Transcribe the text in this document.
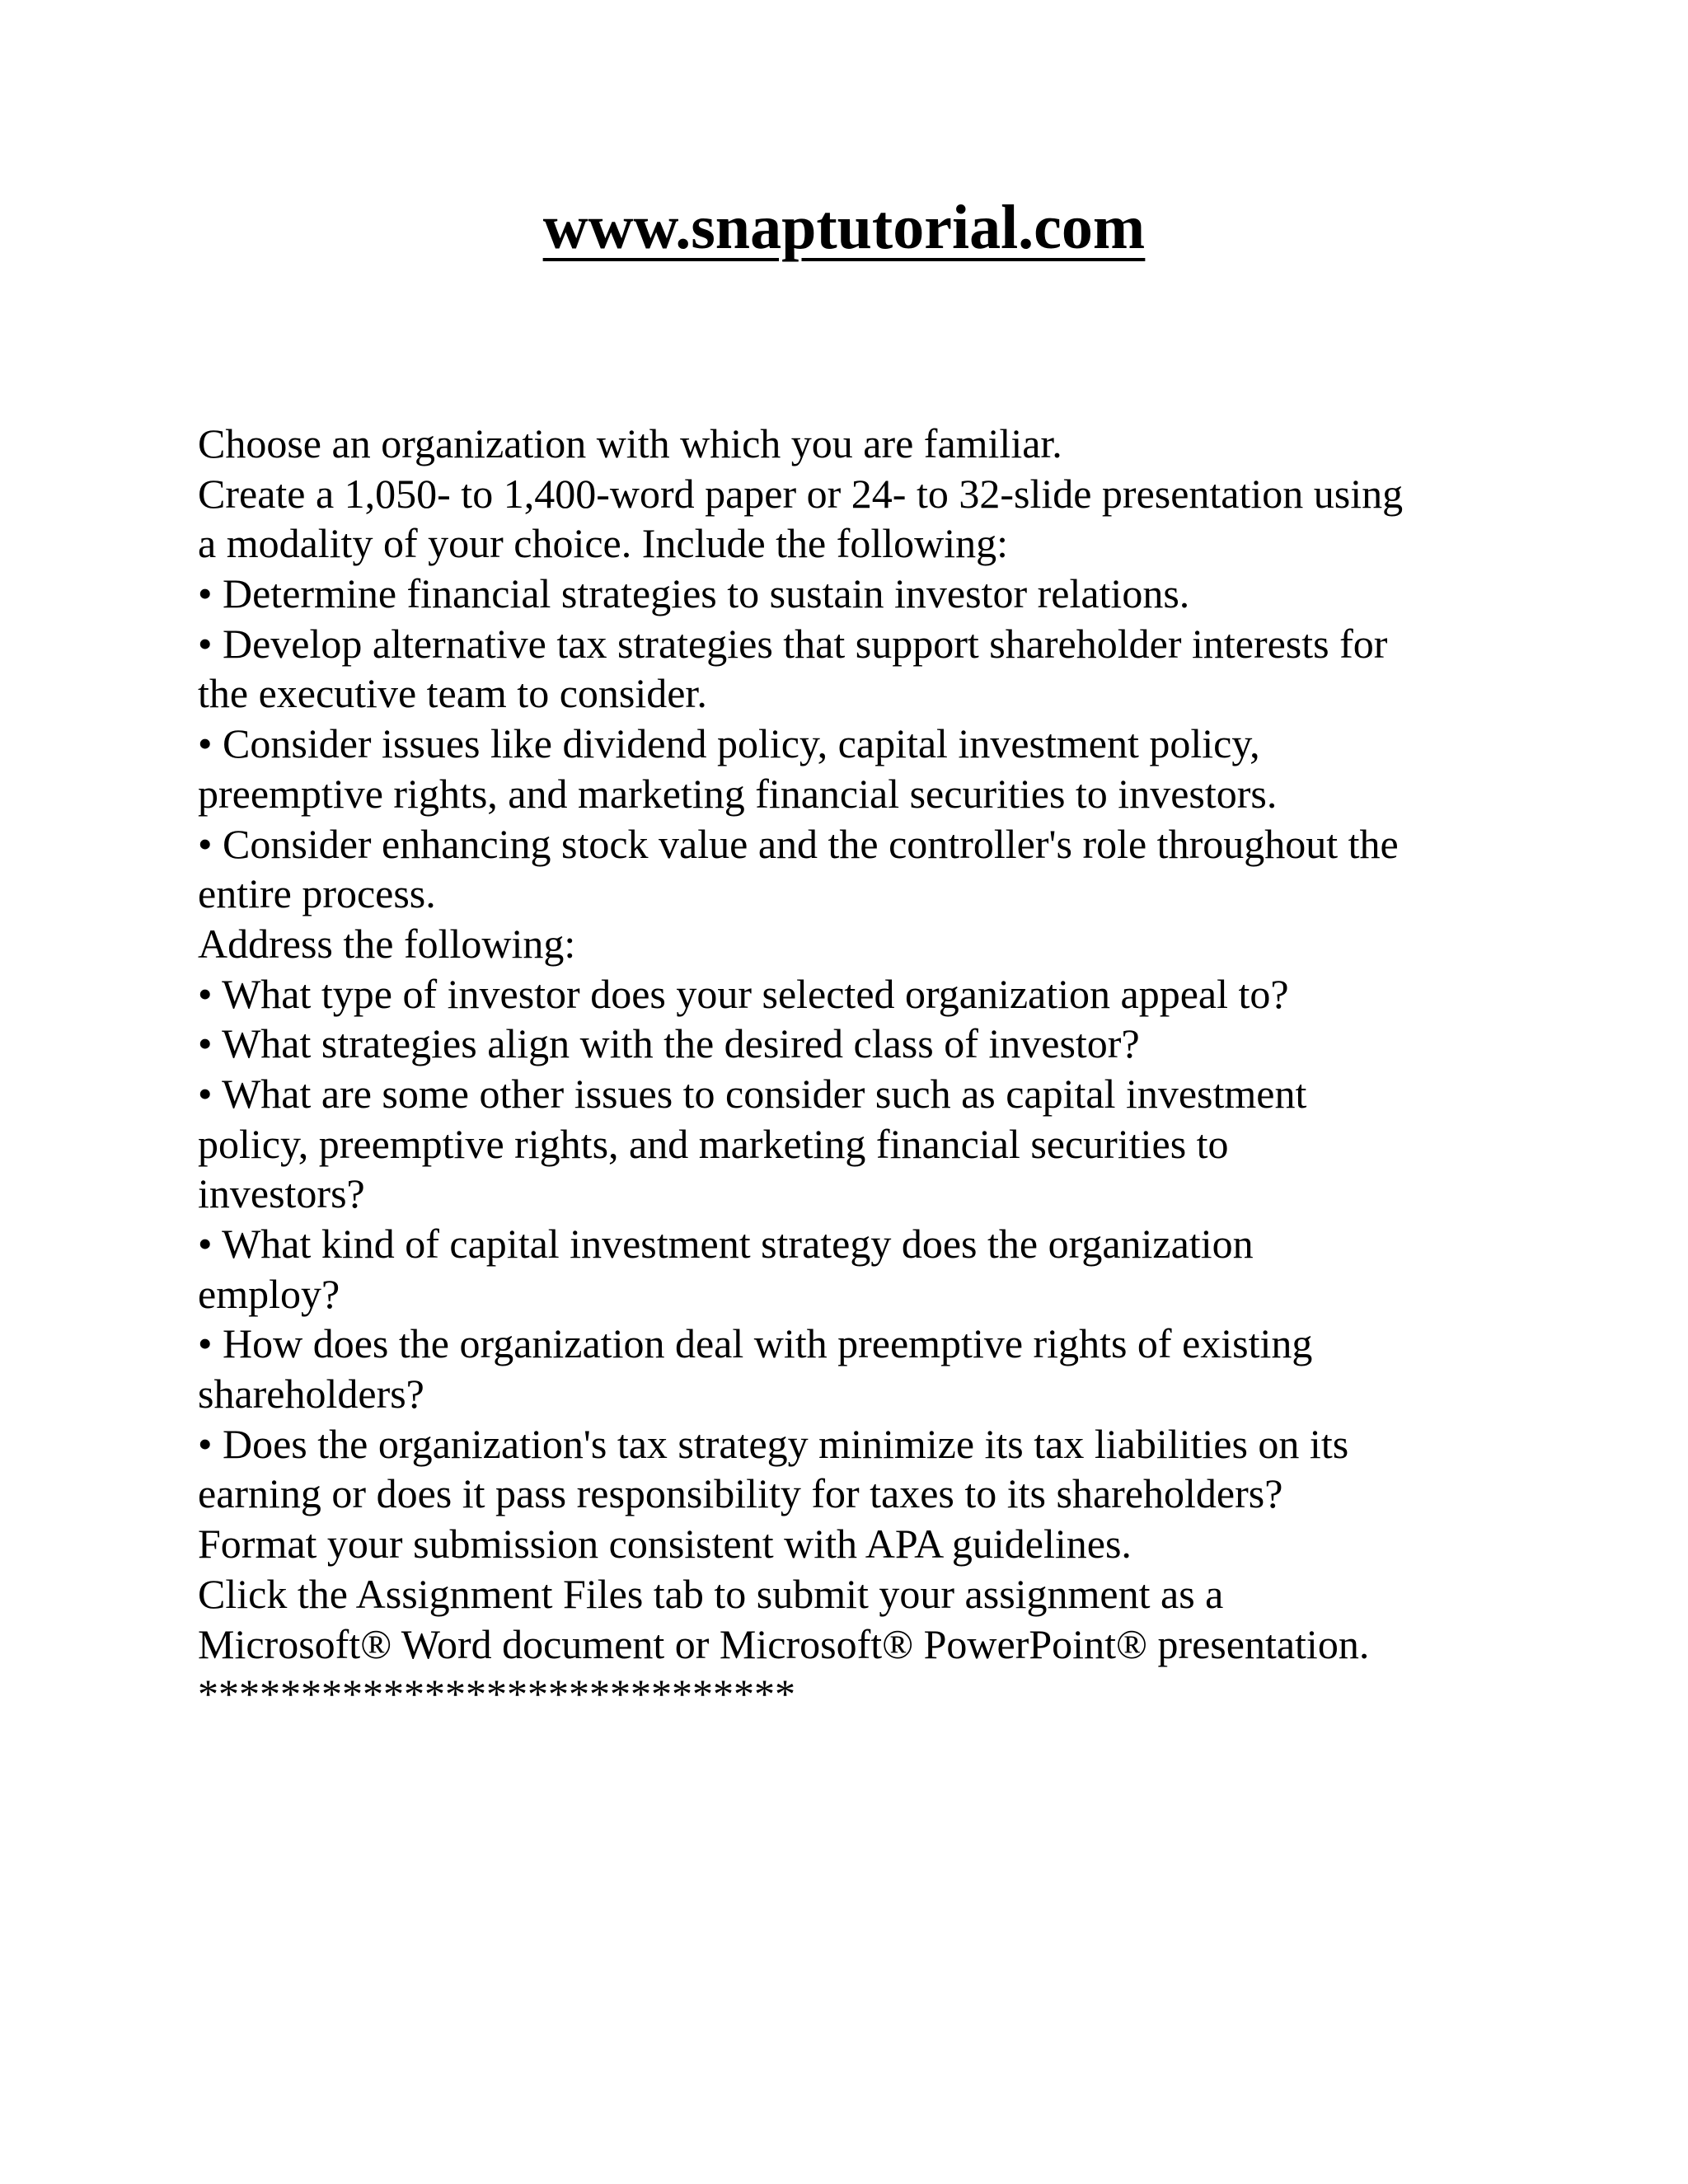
www.snaptutorial.com
Choose an organization with which you are familiar.
Create a 1,050- to 1,400-word paper or 24- to 32-slide presentation using
a modality of your choice. Include the following:
• Determine financial strategies to sustain investor relations.
• Develop alternative tax strategies that support shareholder interests for
the executive team to consider.
• Consider issues like dividend policy, capital investment policy,
preemptive rights, and marketing financial securities to investors.
• Consider enhancing stock value and the controller's role throughout the
entire process.
Address the following:
• What type of investor does your selected organization appeal to?
• What strategies align with the desired class of investor?
• What are some other issues to consider such as capital investment
policy, preemptive rights, and marketing financial securities to
investors?
• What kind of capital investment strategy does the organization
employ?
• How does the organization deal with preemptive rights of existing
shareholders?
• Does the organization's tax strategy minimize its tax liabilities on its
earning or does it pass responsibility for taxes to its shareholders?
Format your submission consistent with APA guidelines.
Click the Assignment Files tab to submit your assignment as a
Microsoft® Word document or Microsoft® PowerPoint® presentation.
*****************************
